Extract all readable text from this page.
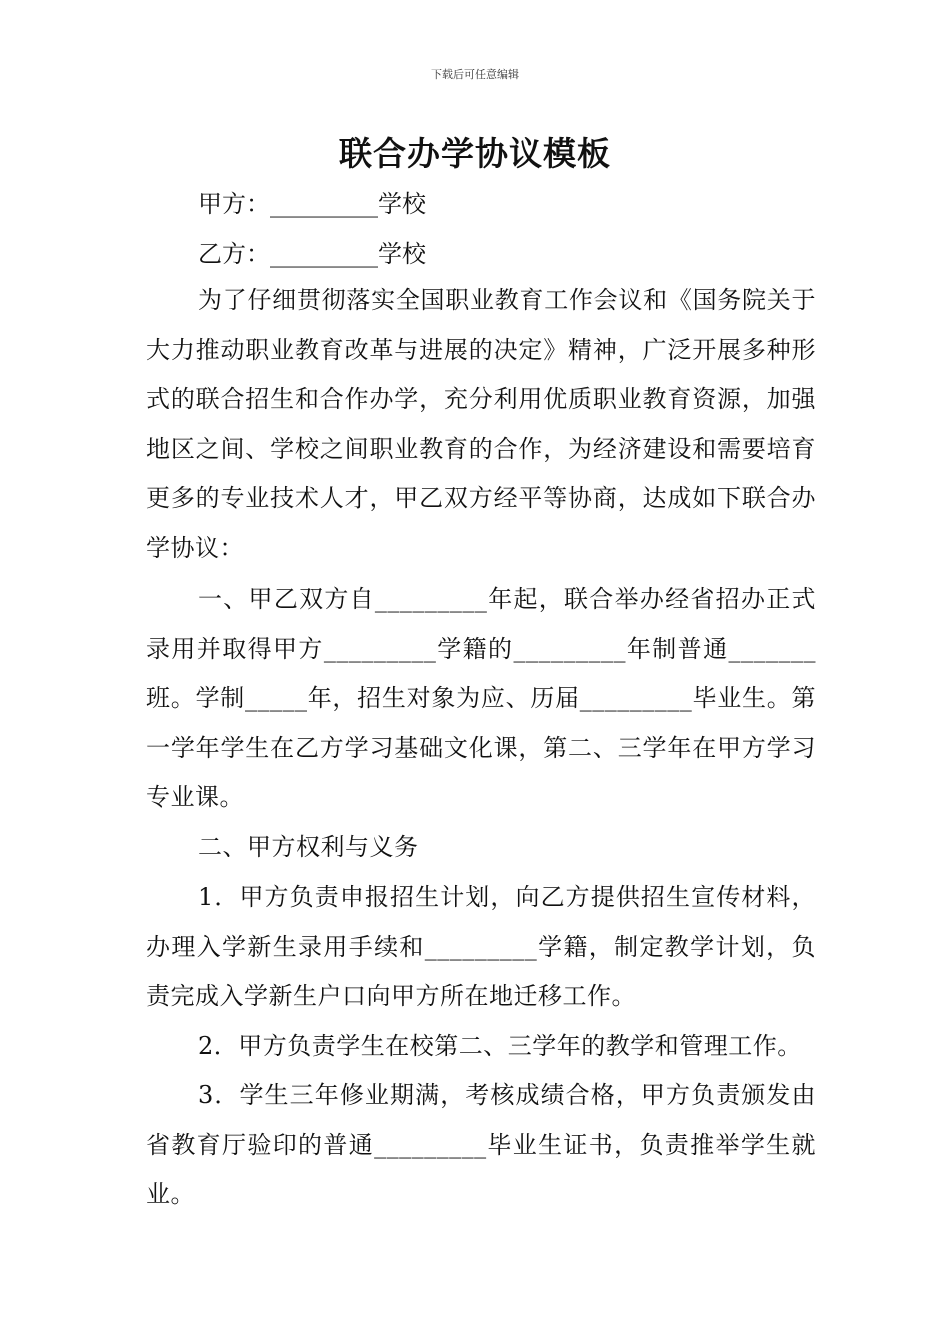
下载后可任意编辑
联合办学协议模板
甲方：_________学校
乙方：_________学校

为了仔细贯彻落实全国职业教育工作会议和《国务院关于大力推动职业教育改革与进展的决定》精神，广泛开展多种形式的联合招生和合作办学，充分利用优质职业教育资源，加强地区之间、学校之间职业教育的合作，为经济建设和需要培育更多的专业技术人才，甲乙双方经平等协商，达成如下联合办学协议：

一、甲乙双方自_________年起，联合举办经省招办正式录用并取得甲方_________学籍的_________年制普通_______班。学制_____年，招生对象为应、历届_________毕业生。第一学年学生在乙方学习基础文化课，第二、三学年在甲方学习专业课。

二、甲方权利与义务

1．甲方负责申报招生计划，向乙方提供招生宣传材料，办理入学新生录用手续和_________学籍，制定教学计划，负责完成入学新生户口向甲方所在地迁移工作。

2．甲方负责学生在校第二、三学年的教学和管理工作。

3．学生三年修业期满，考核成绩合格，甲方负责颁发由省教育厅验印的普通_________毕业生证书，负责推举学生就业。
